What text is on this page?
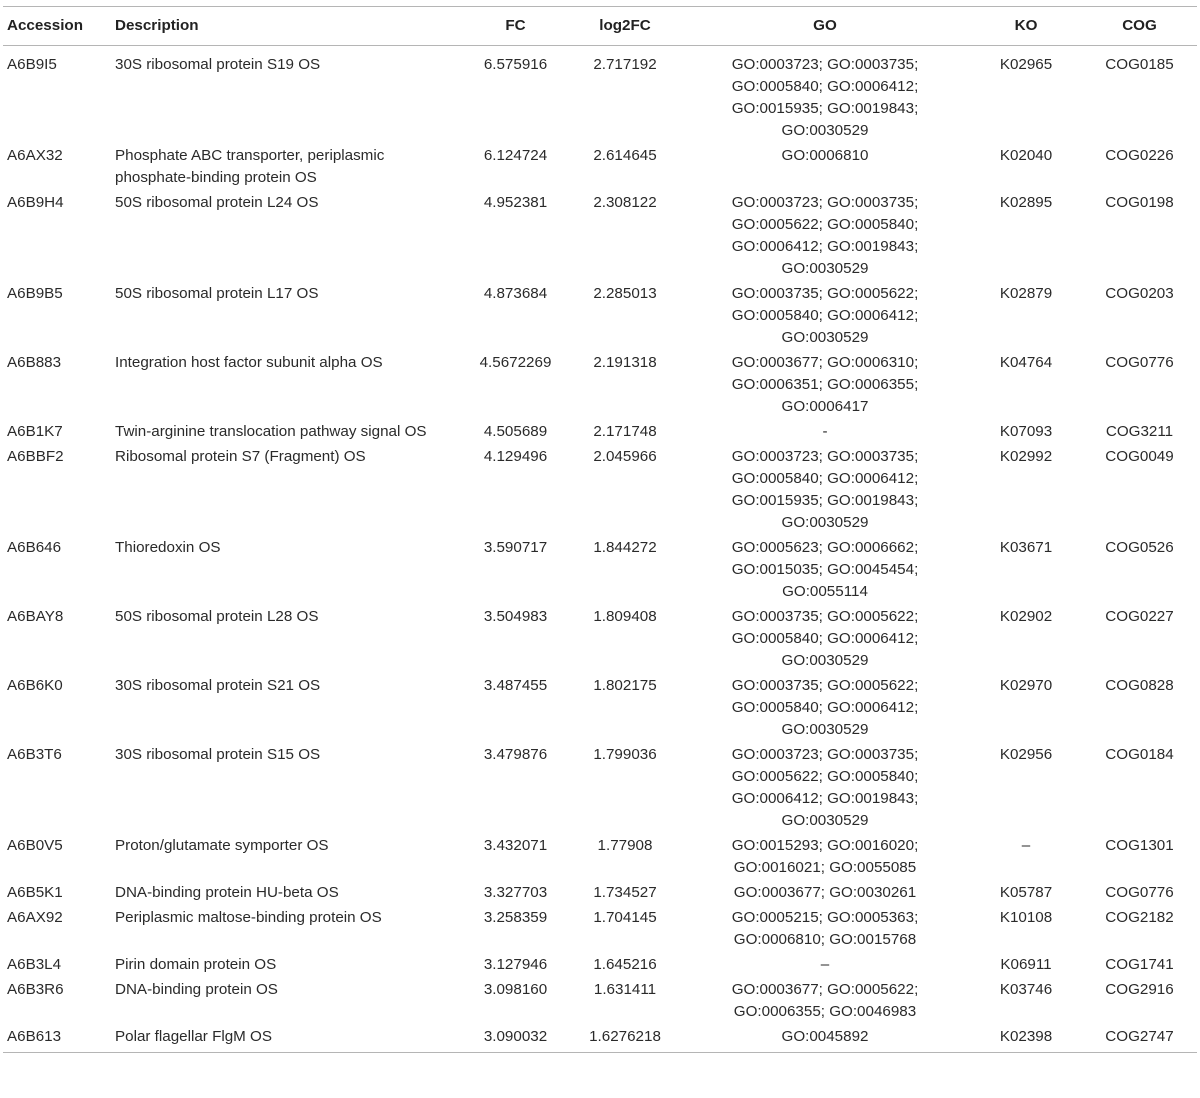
Accession	Description	FC	log2FC	GO	KO	COG
A6B9I5	30S ribosomal protein S19 OS	6.575916	2.717192	GO:0003723; GO:0003735;
GO:0005840; GO:0006412;
GO:0015935; GO:0019843;
GO:0030529	K02965	COG0185
A6AX32	Phosphate ABC transporter, periplasmic
phosphate-binding protein OS	6.124724	2.614645	GO:0006810	K02040	COG0226
A6B9H4	50S ribosomal protein L24 OS	4.952381	2.308122	GO:0003723; GO:0003735;
GO:0005622; GO:0005840;
GO:0006412; GO:0019843;
GO:0030529	K02895	COG0198
A6B9B5	50S ribosomal protein L17 OS	4.873684	2.285013	GO:0003735; GO:0005622;
GO:0005840; GO:0006412;
GO:0030529	K02879	COG0203
A6B883	Integration host factor subunit alpha OS	4.5672269	2.191318	GO:0003677; GO:0006310;
GO:0006351; GO:0006355;
GO:0006417	K04764	COG0776
A6B1K7	Twin-arginine translocation pathway signal OS	4.505689	2.171748	-	K07093	COG3211
A6BBF2	Ribosomal protein S7 (Fragment) OS	4.129496	2.045966	GO:0003723; GO:0003735;
GO:0005840; GO:0006412;
GO:0015935; GO:0019843;
GO:0030529	K02992	COG0049
A6B646	Thioredoxin OS	3.590717	1.844272	GO:0005623; GO:0006662;
GO:0015035; GO:0045454;
GO:0055114	K03671	COG0526
A6BAY8	50S ribosomal protein L28 OS	3.504983	1.809408	GO:0003735; GO:0005622;
GO:0005840; GO:0006412;
GO:0030529	K02902	COG0227
A6B6K0	30S ribosomal protein S21 OS	3.487455	1.802175	GO:0003735; GO:0005622;
GO:0005840; GO:0006412;
GO:0030529	K02970	COG0828
A6B3T6	30S ribosomal protein S15 OS	3.479876	1.799036	GO:0003723; GO:0003735;
GO:0005622; GO:0005840;
GO:0006412; GO:0019843;
GO:0030529	K02956	COG0184
A6B0V5	Proton/glutamate symporter OS	3.432071	1.77908	GO:0015293; GO:0016020;
GO:0016021; GO:0055085	–	COG1301
A6B5K1	DNA-binding protein HU-beta OS	3.327703	1.734527	GO:0003677; GO:0030261	K05787	COG0776
A6AX92	Periplasmic maltose-binding protein OS	3.258359	1.704145	GO:0005215; GO:0005363;
GO:0006810; GO:0015768	K10108	COG2182
A6B3L4	Pirin domain protein OS	3.127946	1.645216	–	K06911	COG1741
A6B3R6	DNA-binding protein OS	3.098160	1.631411	GO:0003677; GO:0005622;
GO:0006355; GO:0046983	K03746	COG2916
A6B613	Polar flagellar FlgM OS	3.090032	1.6276218	GO:0045892	K02398	COG2747
